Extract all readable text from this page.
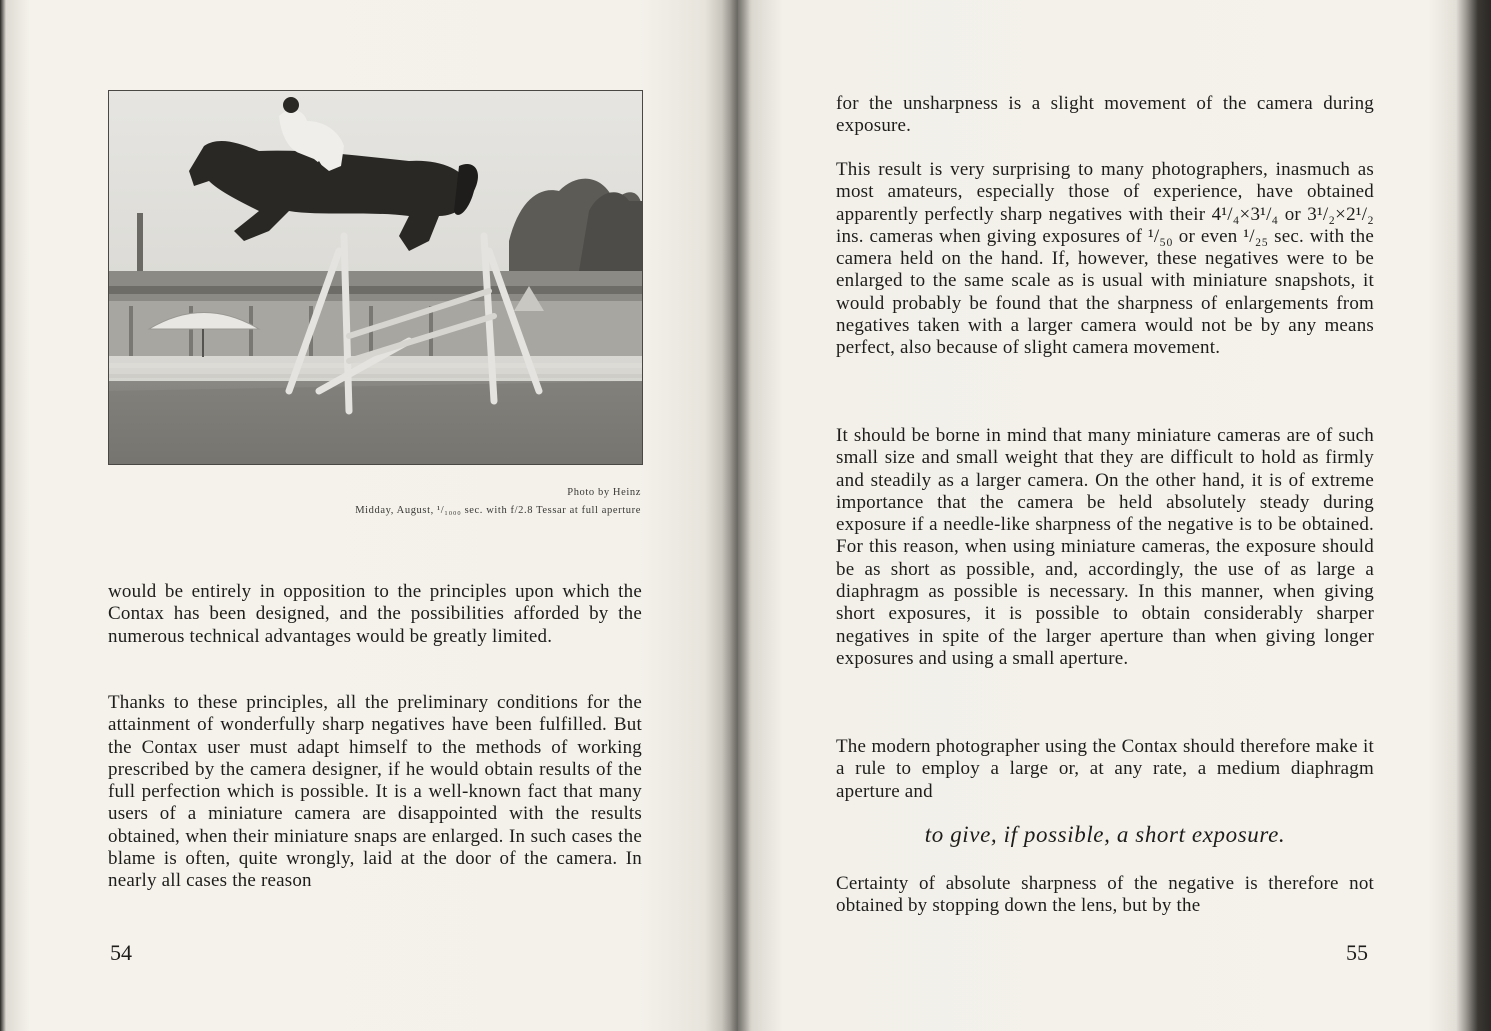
Photo by Heinz
Midday, August, ¹/₁₀₀₀ sec. with f/2.8 Tessar at full aperture

would be entirely in opposition to the principles upon which the Contax has been designed, and the possibilities afforded by the numerous technical advantages would be greatly limited.

Thanks to these principles, all the preliminary conditions for the attainment of wonderfully sharp negatives have been fulfilled. But the Contax user must adapt himself to the methods of working prescribed by the camera designer, if he would obtain results of the full perfection which is possible. It is a well-known fact that many users of a miniature camera are disappointed with the results obtained, when their miniature snaps are enlarged. In such cases the blame is often, quite wrongly, laid at the door of the camera. In nearly all cases the reason

54

for the unsharpness is a slight movement of the camera during exposure.

This result is very surprising to many photographers, inasmuch as most amateurs, especially those of experience, have obtained apparently perfectly sharp negatives with their 4¹/₄×3¹/₄ or 3¹/₂×2¹/₂ ins. cameras when giving exposures of ¹/₅₀ or even ¹/₂₅ sec. with the camera held on the hand. If, however, these negatives were to be enlarged to the same scale as is usual with miniature snapshots, it would probably be found that the sharpness of enlargements from negatives taken with a larger camera would not be by any means perfect, also because of slight camera movement.

It should be borne in mind that many miniature cameras are of such small size and small weight that they are difficult to hold as firmly and steadily as a larger camera. On the other hand, it is of extreme importance that the camera be held absolutely steady during exposure if a needle-like sharpness of the negative is to be obtained. For this reason, when using miniature cameras, the exposure should be as short as possible, and, accordingly, the use of as large a diaphragm as possible is necessary. In this manner, when giving short exposures, it is possible to obtain considerably sharper negatives in spite of the larger aperture than when giving longer exposures and using a small aperture.

The modern photographer using the Contax should therefore make it a rule to employ a large or, at any rate, a medium diaphragm aperture and

to give, if possible, a short exposure.

Certainty of absolute sharpness of the negative is therefore not obtained by stopping down the lens, but by the

55
